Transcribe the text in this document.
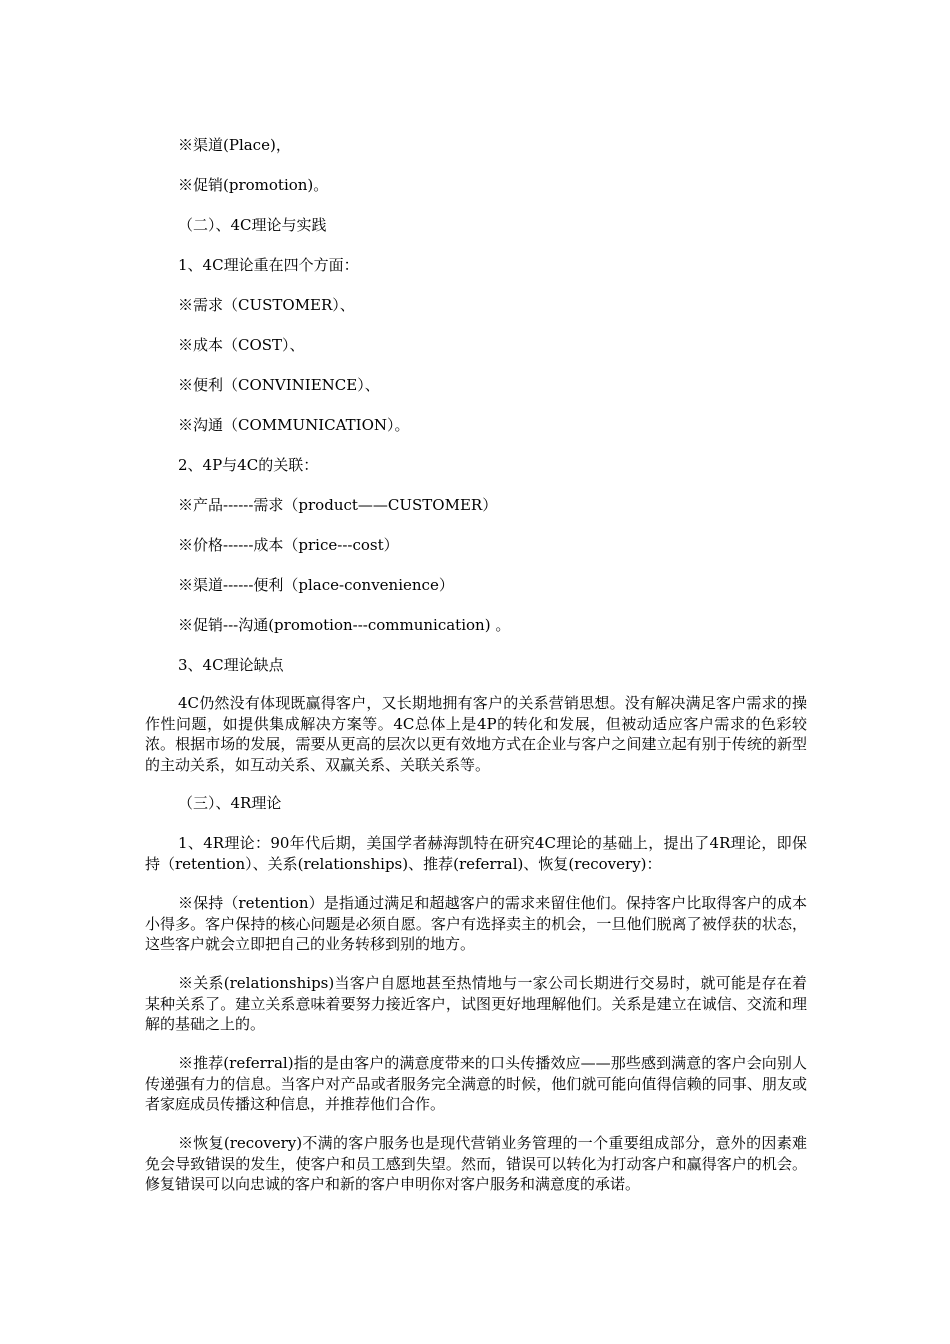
※渠道(Place)，
※促销(promotion)。
（二）、4C理论与实践
1、4C理论重在四个方面：
※需求（CUSTOMER）、
※成本（COST）、
※便利（CONVINIENCE）、
※沟通（COMMUNICATION）。
2、4P与4C的关联：
※产品------需求（product——CUSTOMER）
※价格------成本（price---cost）
※渠道------便利（place-convenience）
※促销---沟通(promotion---communication) 。
3、4C理论缺点
4C仍然没有体现既赢得客户，又长期地拥有客户的关系营销思想。没有解决满足客户需求的操作性问题，如提供集成解决方案等。4C总体上是4P的转化和发展，但被动适应客户需求的色彩较浓。根据市场的发展，需要从更高的层次以更有效地方式在企业与客户之间建立起有别于传统的新型的主动关系，如互动关系、双赢关系、关联关系等。
（三）、4R理论
1、4R理论：90年代后期，美国学者赫海凯特在研究4C理论的基础上，提出了4R理论，即保持（retention）、关系(relationships)、推荐(referral)、恢复(recovery)：
※保持（retention）是指通过满足和超越客户的需求来留住他们。保持客户比取得客户的成本小得多。客户保持的核心问题是必须自愿。客户有选择卖主的机会，一旦他们脱离了被俘获的状态，这些客户就会立即把自己的业务转移到别的地方。
※关系(relationships)当客户自愿地甚至热情地与一家公司长期进行交易时，就可能是存在着某种关系了。建立关系意味着要努力接近客户，试图更好地理解他们。关系是建立在诚信、交流和理解的基础之上的。
※推荐(referral)指的是由客户的满意度带来的口头传播效应——那些感到满意的客户会向别人传递强有力的信息。当客户对产品或者服务完全满意的时候，他们就可能向值得信赖的同事、朋友或者家庭成员传播这种信息，并推荐他们合作。
※恢复(recovery)不满的客户服务也是现代营销业务管理的一个重要组成部分，意外的因素难免会导致错误的发生，使客户和员工感到失望。然而，错误可以转化为打动客户和赢得客户的机会。修复错误可以向忠诚的客户和新的客户申明你对客户服务和满意度的承诺。
